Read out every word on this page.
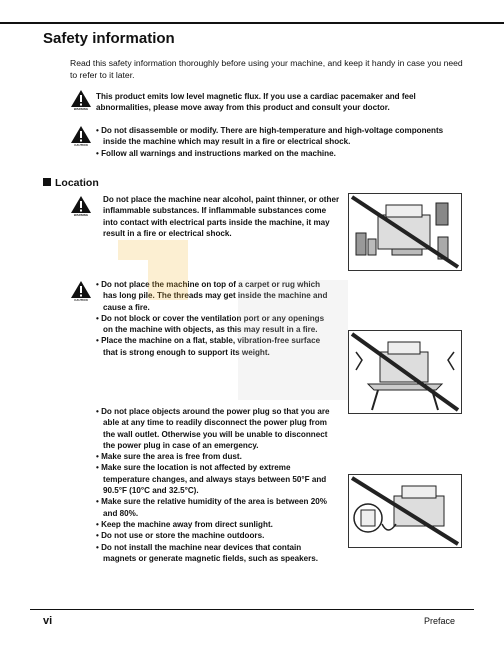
Safety information
Read this safety information thoroughly before using your machine, and keep it handy in case you need to refer to it later.
WARNING
This product emits low level magnetic flux. If you use a cardiac pacemaker and feel abnormalities, please move away from this product and consult your doctor.
CAUTION
• Do not disassemble or modify. There are high-temperature and high-voltage components inside the machine which may result in a fire or electrical shock.
• Follow all warnings and instructions marked on the machine.
Location
WARNING
Do not place the machine near alcohol, paint thinner, or other inflammable substances. If inflammable substances come into contact with electrical parts inside the machine, it may result in a fire or electrical shock.
CAUTION
• Do not place the machine on top of a carpet or rug which has long pile. The threads may get inside the machine and cause a fire.
• Do not block or cover the ventilation port or any openings on the machine with objects, as this may result in a fire.
• Place the machine on a flat, stable, vibration-free surface that is strong enough to support its weight.
• Do not place objects around the power plug so that you are able at any time to readily disconnect the power plug from the wall outlet. Otherwise you will be unable to disconnect the power plug in case of an emergency.
• Make sure the area is free from dust.
• Make sure the location is not affected by extreme temperature changes, and always stays between 50°F and 90.5°F (10°C and 32.5°C).
• Make sure the relative humidity of the area is between 20% and 80%.
• Keep the machine away from direct sunlight.
• Do not use or store the machine outdoors.
• Do not install the machine near devices that contain magnets or generate magnetic fields, such as speakers.
vi	Preface
